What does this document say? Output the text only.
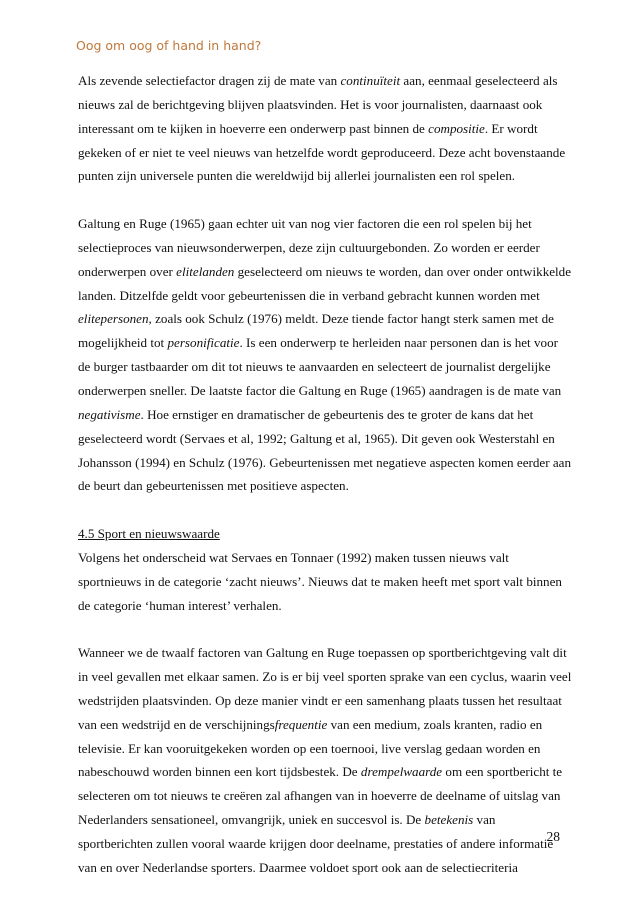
Oog om oog of hand in hand?
Als zevende selectiefactor dragen zij de mate van continuïteit aan, eenmaal geselecteerd als
nieuws zal de berichtgeving blijven plaatsvinden. Het is voor journalisten, daarnaast ook
interessant om te kijken in hoeverre een onderwerp past binnen de compositie. Er wordt
gekeken of er niet te veel nieuws van hetzelfde wordt geproduceerd. Deze acht bovenstaande
punten zijn universele punten die wereldwijd bij allerlei journalisten een rol spelen.
Galtung en Ruge (1965) gaan echter uit van nog vier factoren die een rol spelen bij het
selectieproces van nieuwsonderwerpen, deze zijn cultuurgebonden. Zo worden er eerder
onderwerpen over elitelanden geselecteerd om nieuws te worden, dan over onder ontwikkelde
landen. Ditzelfde geldt voor gebeurtenissen die in verband gebracht kunnen worden met
elitepersonen, zoals ook Schulz (1976) meldt. Deze tiende factor hangt sterk samen met de
mogelijkheid tot personificatie. Is een onderwerp te herleiden naar personen dan is het voor
de burger tastbaarder om dit tot nieuws te aanvaarden en selecteert de journalist dergelijke
onderwerpen sneller. De laatste factor die Galtung en Ruge (1965) aandragen is de mate van
negativisme. Hoe ernstiger en dramatischer de gebeurtenis des te groter de kans dat het
geselecteerd wordt (Servaes et al, 1992; Galtung et al, 1965). Dit geven ook Westerstahl en
Johansson (1994) en Schulz (1976). Gebeurtenissen met negatieve aspecten komen eerder aan
de beurt dan gebeurtenissen met positieve aspecten.
4.5 Sport en nieuwswaarde
Volgens het onderscheid wat Servaes en Tonnaer (1992) maken tussen nieuws valt
sportnieuws in de categorie ‘zacht nieuws’. Nieuws dat te maken heeft met sport valt binnen
de categorie ‘human interest’ verhalen.
Wanneer we de twaalf factoren van Galtung en Ruge toepassen op sportberichtgeving valt dit
in veel gevallen met elkaar samen. Zo is er bij veel sporten sprake van een cyclus, waarin veel
wedstrijden plaatsvinden. Op deze manier vindt er een samenhang plaats tussen het resultaat
van een wedstrijd en de verschijningsfrequentie van een medium, zoals kranten, radio en
televisie. Er kan vooruitgekeken worden op een toernooi, live verslag gedaan worden en
nabeschouwd worden binnen een kort tijdsbestek. De drempelwaarde om een sportbericht te
selecteren om tot nieuws te creëren zal afhangen van in hoeverre de deelname of uitslag van
Nederlanders sensationeel, omvangrijk, uniek en succesvol is. De betekenis van
sportberichten zullen vooral waarde krijgen door deelname, prestaties of andere informatie
van en over Nederlandse sporters. Daarmee voldoet sport ook aan de selectiecriteria
28
